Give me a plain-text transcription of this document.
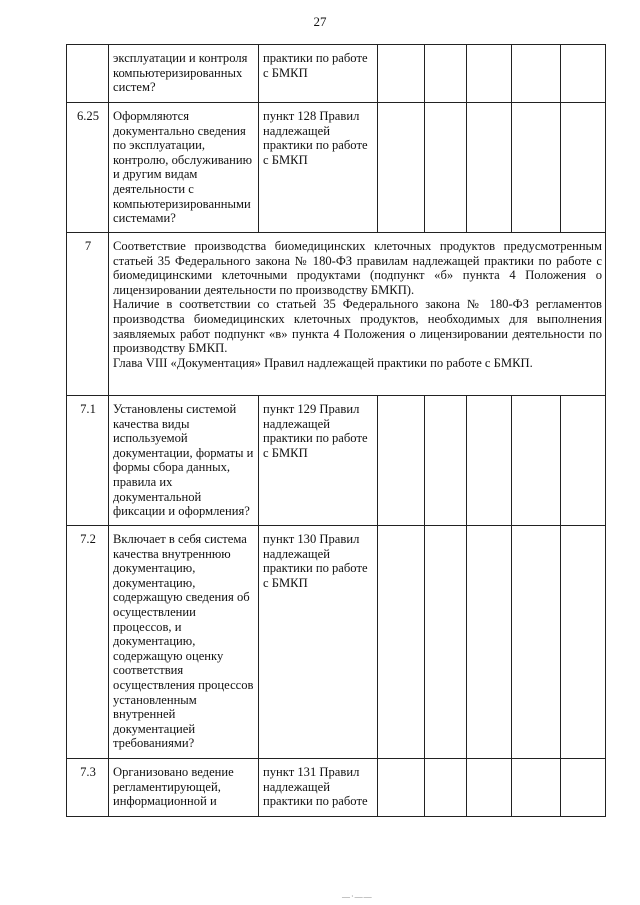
27

	эксплуатации и контроля компьютеризированных систем?	практики по работе с БМКП					

6.25	Оформляются документально сведения по эксплуатации, контролю, обслуживанию и другим видам деятельности с компьютеризированными системами?	пункт 128 Правил надлежащей практики по работе с БМКП					

7	Соответствие производства биомедицинских клеточных продуктов предусмотренным статьей 35 Федерального закона № 180-ФЗ правилам надлежащей практики по работе с биомедицинскими клеточными продуктами (подпункт «б» пункта 4 Положения о лицензировании деятельности по производству БМКП).

Наличие в соответствии со статьей 35 Федерального закона № 180-ФЗ регламентов производства биомедицинских клеточных продуктов, необходимых для выполнения заявляемых работ подпункт «в» пункта 4 Положения о лицензировании деятельности по производству БМКП.

Глава VIII «Документация» Правил надлежащей практики по работе с БМКП.						

7.1	Установлены системой качества виды используемой документации, форматы и формы сбора данных, правила их документальной фиксации и оформления?	пункт 129 Правил надлежащей практики по работе с БМКП					

7.2	Включает в себя система качества внутреннюю документацию, документацию, содержащую сведения об осуществлении процессов, и документацию, содержащую оценку соответствия осуществления процессов установленным внутренней документацией требованиями?	пункт 130 Правил надлежащей практики по работе с БМКП					

7.3	Организовано ведение регламентирующей, информационной и	пункт 131 Правил надлежащей практики по работе					

—·——
